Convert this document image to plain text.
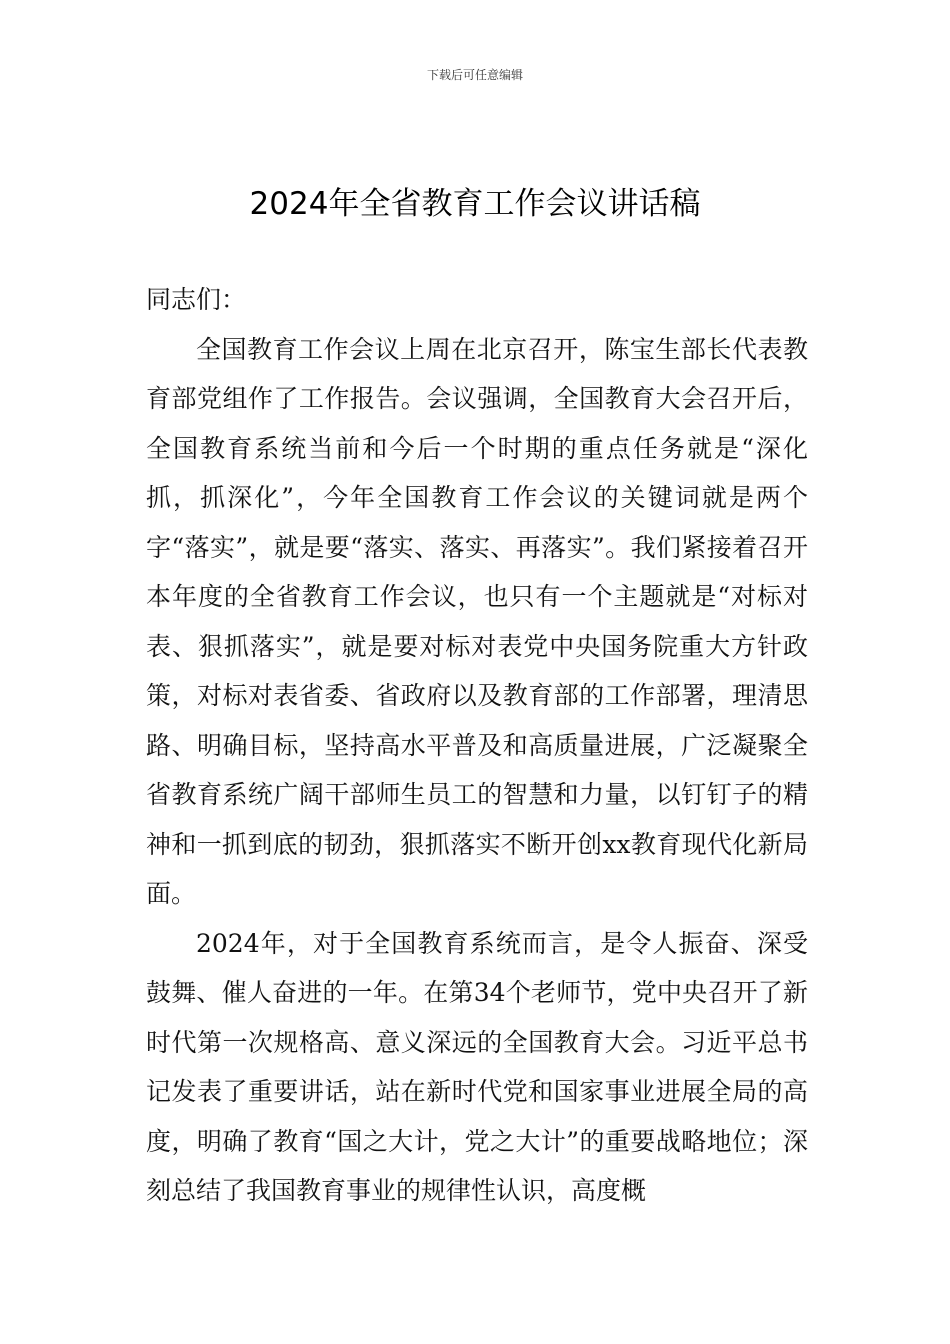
下载后可任意编辑
2024年全省教育工作会议讲话稿

同志们：

全国教育工作会议上周在北京召开，陈宝生部长代表教育部党组作了工作报告。会议强调，全国教育大会召开后，全国教育系统当前和今后一个时期的重点任务就是“深化抓，抓深化”，今年全国教育工作会议的关键词就是两个字“落实”，就是要“落实、落实、再落实”。我们紧接着召开本年度的全省教育工作会议，也只有一个主题就是“对标对表、狠抓落实”，就是要对标对表党中央国务院重大方针政策，对标对表省委、省政府以及教育部的工作部署，理清思路、明确目标，坚持高水平普及和高质量进展，广泛凝聚全省教育系统广阔干部师生员工的智慧和力量，以钉钉子的精神和一抓到底的韧劲，狠抓落实不断开创xx教育现代化新局面。

2024年，对于全国教育系统而言，是令人振奋、深受鼓舞、催人奋进的一年。在第34个老师节，党中央召开了新时代第一次规格高、意义深远的全国教育大会。习近平总书记发表了重要讲话，站在新时代党和国家事业进展全局的高度，明确了教育“国之大计，党之大计”的重要战略地位；深刻总结了我国教育事业的规律性认识，高度概
